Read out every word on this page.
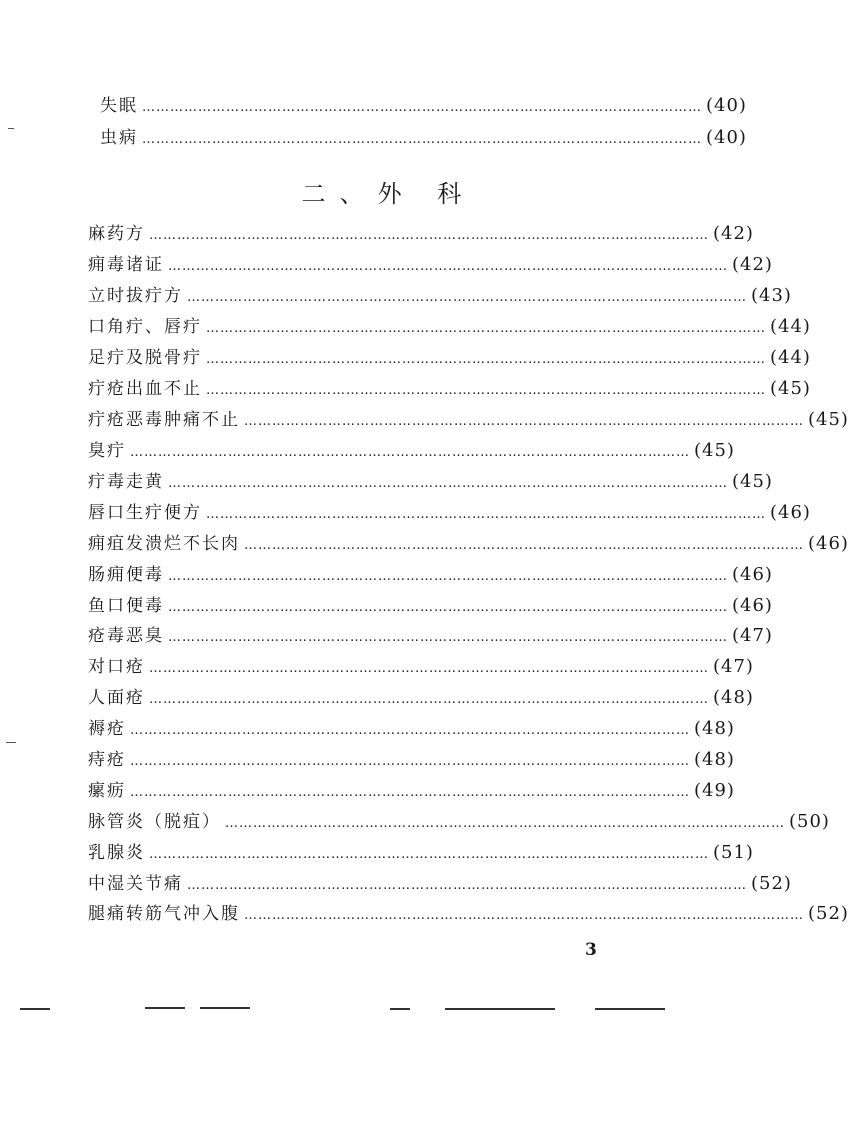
失眠 ………………………………………………………………………………………………………… (40)
虫病 ………………………………………………………………………………………………………… (40)
二、外 科
麻药方 ………………………………………………………………………………………………………… (42)
痈毒诸证 ………………………………………………………………………………………………………… (42)
立时拔疔方 ………………………………………………………………………………………………………… (43)
口角疔、唇疔 ………………………………………………………………………………………………………… (44)
足疔及脱骨疔 ………………………………………………………………………………………………………… (44)
疔疮出血不止 ………………………………………………………………………………………………………… (45)
疔疮恶毒肿痛不止 ………………………………………………………………………………………………………… (45)
臭疔 ………………………………………………………………………………………………………… (45)
疔毒走黄 ………………………………………………………………………………………………………… (45)
唇口生疔便方 ………………………………………………………………………………………………………… (46)
痈疽发溃烂不长肉 ………………………………………………………………………………………………………… (46)
肠痈便毒 ………………………………………………………………………………………………………… (46)
鱼口便毒 ………………………………………………………………………………………………………… (46)
疮毒恶臭 ………………………………………………………………………………………………………… (47)
对口疮 ………………………………………………………………………………………………………… (47)
人面疮 ………………………………………………………………………………………………………… (48)
褥疮 ………………………………………………………………………………………………………… (48)
痔疮 ………………………………………………………………………………………………………… (48)
瘰疬 ………………………………………………………………………………………………………… (49)
脉管炎（脱疽） ………………………………………………………………………………………………………… (50)
乳腺炎 ………………………………………………………………………………………………………… (51)
中湿关节痛 ………………………………………………………………………………………………………… (52)
腿痛转筋气冲入腹 ………………………………………………………………………………………………………… (52)
3
